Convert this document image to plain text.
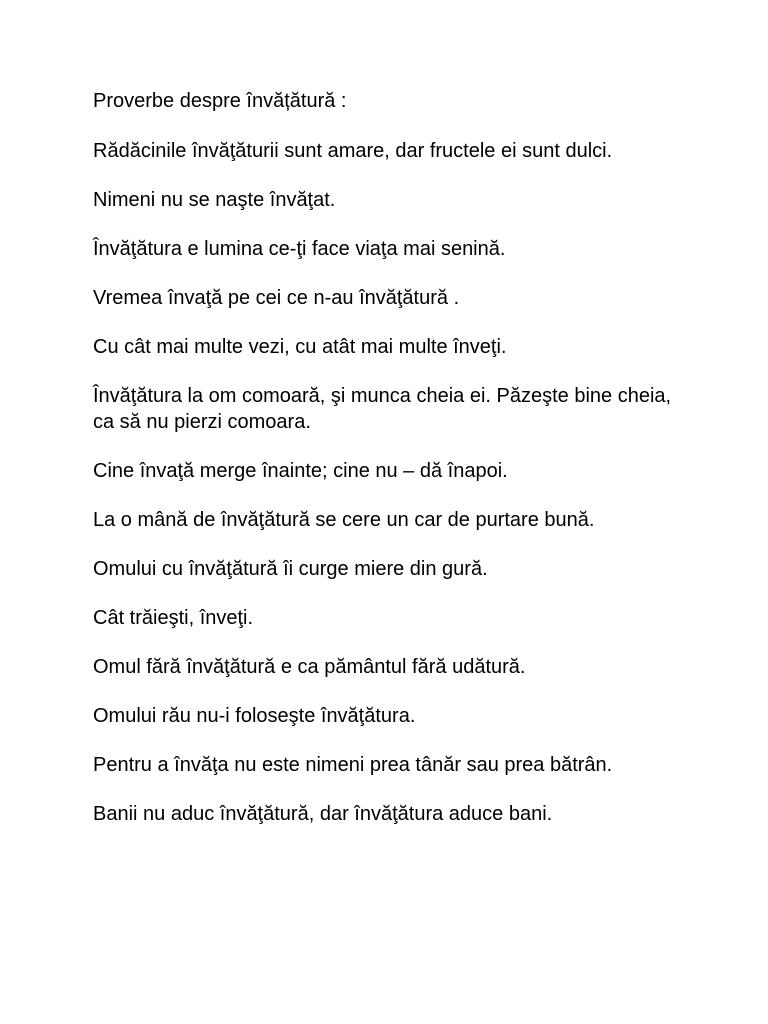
Proverbe despre învățătură :

Rădăcinile învăţăturii sunt amare, dar fructele ei sunt dulci.

Nimeni nu se naşte învăţat.

Învăţătura e lumina ce-ţi face viaţa mai senină.

Vremea învaţă pe cei ce n-au învăţătură .

Cu cât mai multe vezi, cu atât mai multe înveţi.

Învăţătura la om comoară, şi munca cheia ei. Păzeşte bine cheia, ca să nu pierzi comoara.

Cine învaţă merge înainte; cine nu – dă înapoi.

La o mână de învăţătură se cere un car de purtare bună.

Omului cu învăţătură îi curge miere din gură.

Cât trăieşti, înveţi.

Omul fără învăţătură e ca pământul fără udătură.

Omului rău nu-i foloseşte învăţătura.

Pentru a învăţa nu este nimeni prea tânăr sau prea bătrân.

Banii nu aduc învăţătură, dar învăţătura aduce bani.
